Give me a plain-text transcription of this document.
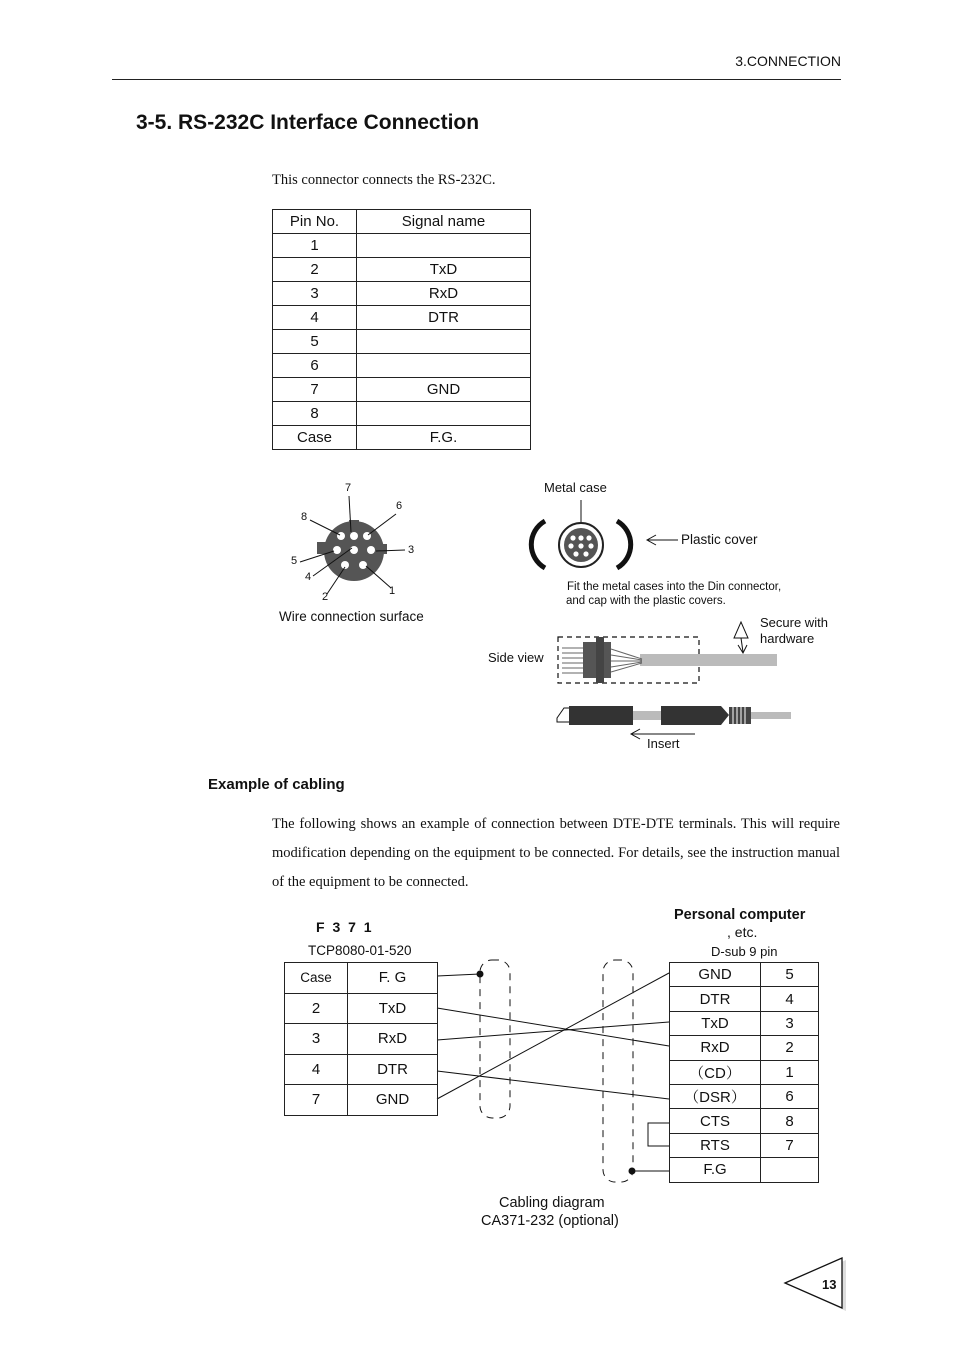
3.CONNECTION
3-5. RS-232C Interface Connection
This connector connects the RS-232C.
Pin No.	Signal name
1	
2	TxD
3	RxD
4	DTR
5	
6	
7	GND
8	
Case	F.G.
7
6
8
3
5
4
1
2
Wire connection surface
Metal case
Plastic cover
Fit the metal cases into the Din connector,
and cap with the plastic covers.
Secure with
hardware
Side view
Insert
Example of cabling
The following shows an example of connection between DTE-DTE terminals. This will require modification depending on the equipment to be connected. For details, see the instruction manual of the equipment to be connected.
F 3 7 1
TCP8080-01-520
Personal computer
, etc.
D-sub 9 pin
Case	F. G
2	TxD
3	RxD
4	DTR
7	GND
GND	5
DTR	4
TxD	3
RxD	2
（CD）	1
（DSR）	6
CTS	8
RTS	7
F.G	
Cabling diagram
CA371-232 (optional)
13
